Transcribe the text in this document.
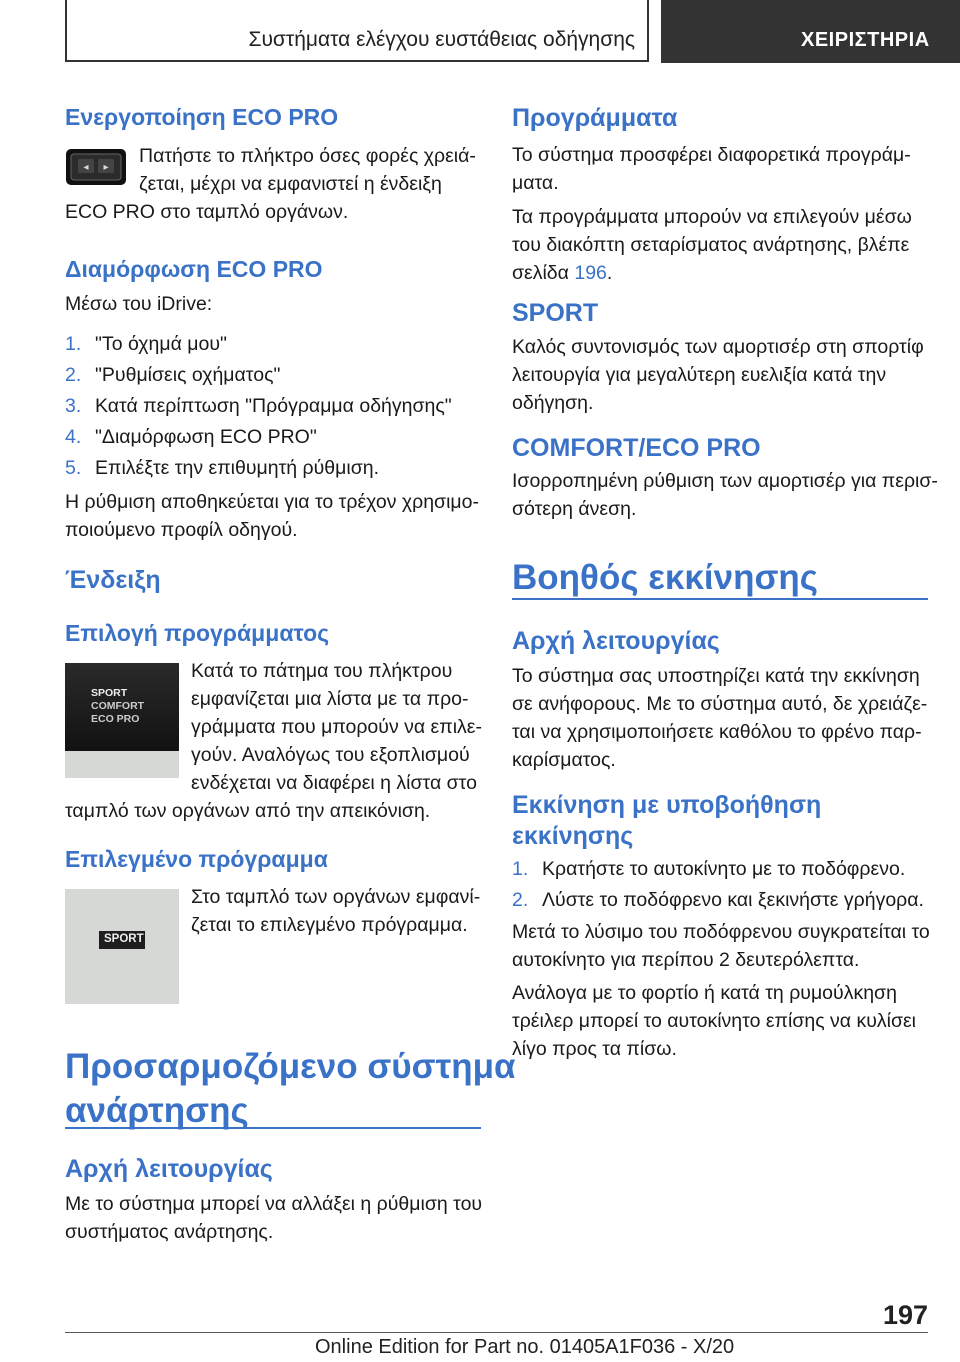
Συστήματα ελέγχου ευστάθειας οδήγησης	ΧΕΙΡΙΣΤΗΡΙΑ
Ενεργοποίηση ECO PRO
◂ ▸

Πατήστε το πλήκτρο όσες φορές χρειά-

ζεται, μέχρι να εμφανιστεί η ένδειξη

ECO PRO στο ταμπλό οργάνων.

Διαμόρφωση ECO PRO

Μέσω του iDrive:

1. "Το όχημά μου"
2. "Ρυθμίσεις οχήματος"
3. Κατά περίπτωση "Πρόγραμμα οδήγησης"
4. "Διαμόρφωση ECO PRO"
5. Επιλέξτε την επιθυμητή ρύθμιση.

Η ρύθμιση αποθηκεύεται για το τρέχον χρησιμο-

ποιούμενο προφίλ οδηγού.

Ένδειξη
Επιλογή προγράμματος
SPORT
COMFORT
ECO PRO

Κατά το πάτημα του πλήκτρου

εμφανίζεται μια λίστα με τα προ-

γράμματα που μπορούν να επιλε-

γούν. Αναλόγως του εξοπλισμού

ενδέχεται να διαφέρει η λίστα στο

ταμπλό των οργάνων από την απεικόνιση.

Επιλεγμένο πρόγραμμα
SPORT

Στο ταμπλό των οργάνων εμφανί-

ζεται το επιλεγμένο πρόγραμμα.

Προσαρμοζόμενο σύστημα
ανάρτησης
Αρχή λειτουργίας

Με το σύστημα μπορεί να αλλάξει η ρύθμιση του

συστήματος ανάρτησης.

Προγράμματα

Το σύστημα προσφέρει διαφορετικά προγράμ-

ματα.

Τα προγράμματα μπορούν να επιλεγούν μέσω

του διακόπτη σεταρίσματος ανάρτησης, βλέπε

σελίδα 196.

SPORT

Καλός συντονισμός των αμορτισέρ στη σπορτίφ

λειτουργία για μεγαλύτερη ευελιξία κατά την

οδήγηση.

COMFORT/ECO PRO

Ισορροπημένη ρύθμιση των αμορτισέρ για περισ-

σότερη άνεση.

Βοηθός εκκίνησης
Αρχή λειτουργίας

Το σύστημα σας υποστηρίζει κατά την εκκίνηση

σε ανήφορους. Με το σύστημα αυτό, δε χρειάζε-

ται να χρησιμοποιήσετε καθόλου το φρένο παρ-

καρίσματος.

Εκκίνηση με υποβοήθηση
εκκίνησης
1. Κρατήστε το αυτοκίνητο με το ποδόφρενο.
2. Λύστε το ποδόφρενο και ξεκινήστε γρήγορα.

Μετά το λύσιμο του ποδόφρενου συγκρατείται το

αυτοκίνητο για περίπου 2 δευτερόλεπτα.

Ανάλογα με το φορτίο ή κατά τη ρυμούλκηση

τρέιλερ μπορεί το αυτοκίνητο επίσης να κυλίσει

λίγο προς τα πίσω.

197
Online Edition for Part no. 01405A1F036 - X/20
